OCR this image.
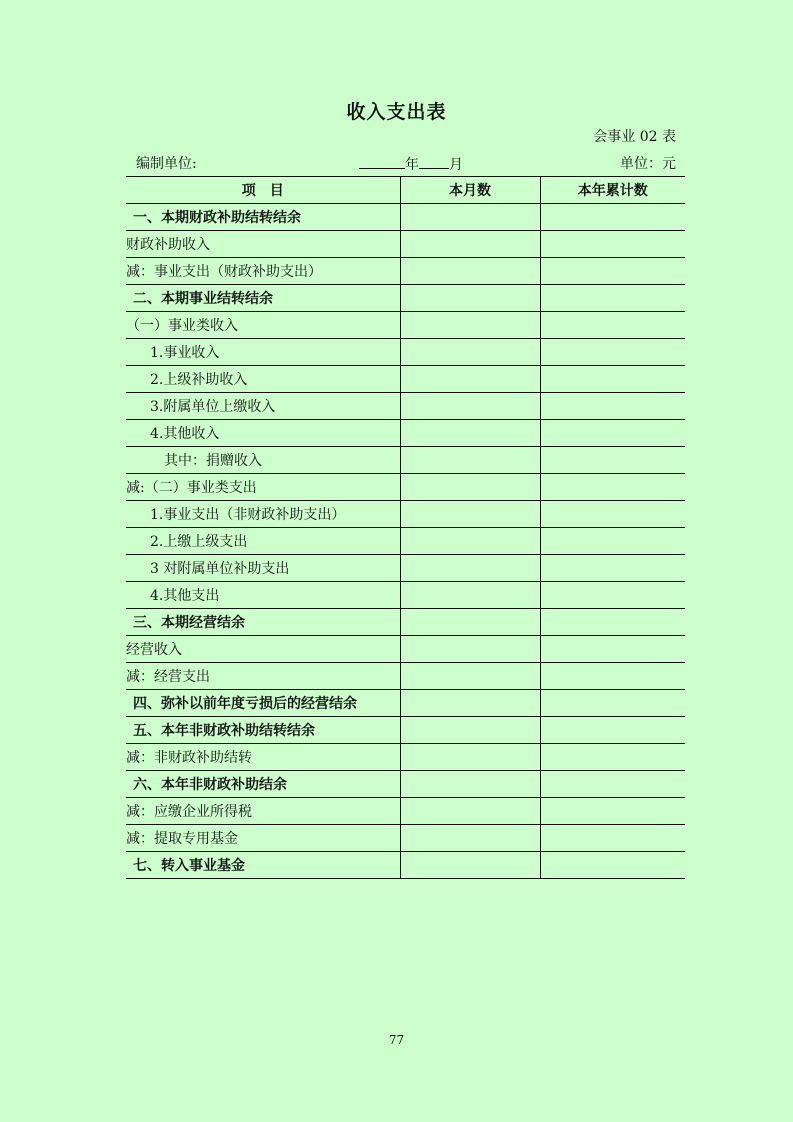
收入支出表
会事业 02 表
编制单位:	年 月	单位：元
项　目	本月数	本年累计数
一、本期财政补助结转结余		
财政补助收入		
减：事业支出（财政补助支出）		
二、本期事业结转结余		
（一）事业类收入		
1.事业收入		
2.上级补助收入		
3.附属单位上缴收入		
4.其他收入		
其中：捐赠收入		
减:（二）事业类支出		
1.事业支出（非财政补助支出）		
2.上缴上级支出		
3 对附属单位补助支出		
4.其他支出		
三、本期经营结余		
经营收入		
减：经营支出		
四、弥补以前年度亏损后的经营结余		
五、本年非财政补助结转结余		
减：非财政补助结转		
六、本年非财政补助结余		
减：应缴企业所得税		
减：提取专用基金		
七、转入事业基金		
77
